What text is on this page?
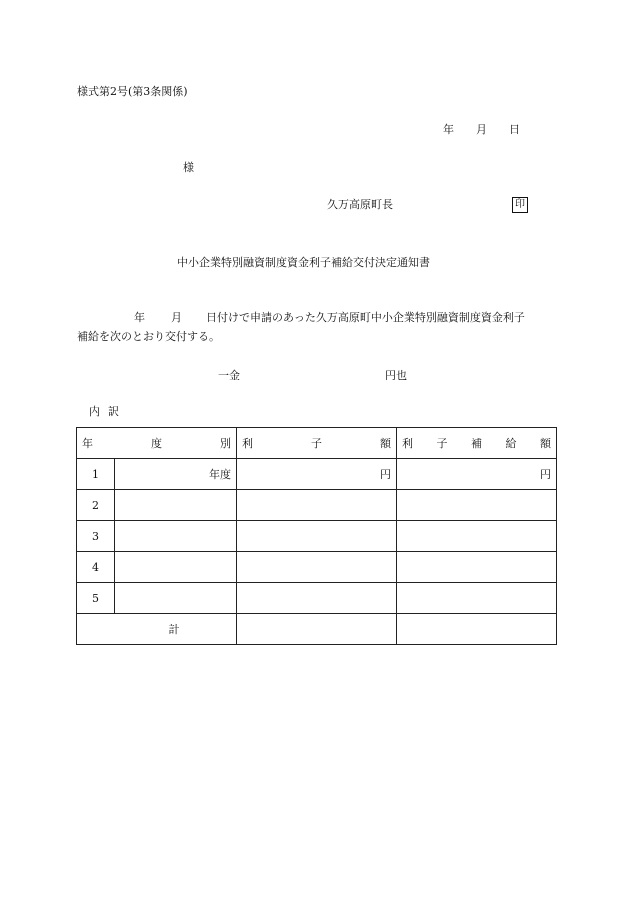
様式第2号(第3条関係)
年 月 日
様
久万高原町長	印
中小企業特別融資制度資金利子補給交付決定通知書
年 月 日付けで申請のあった久万高原町中小企業特別融資制度資金利子
補給を次のとおり交付する。
一金	円也
内訳
年 度 別		利 子 額	利 子 補 給 額

1	年度	円	円
2			
3			
4			
5			
計			
